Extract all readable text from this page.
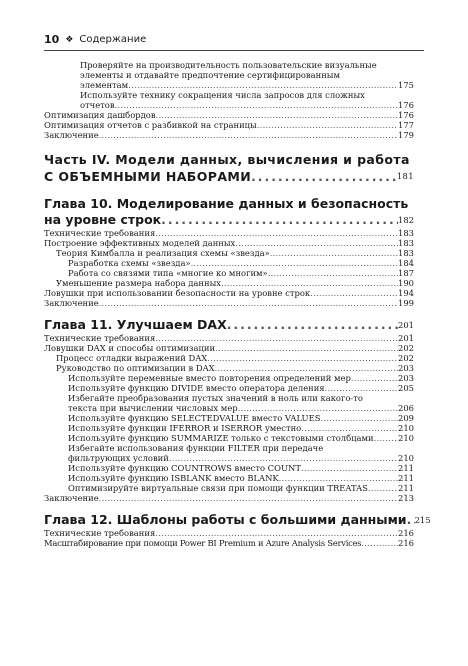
10 ❖ Содержание
Проверяйте на производительность пользовательские визуальные
элементы и отдавайте предпочтение сертифицированным
элементам . . .	175
Используйте технику сокращения числа запросов для сложных
отчетов . . .	176
Оптимизация дашбордов . . .	176
Оптимизация отчетов с разбивкой на страницы . . .	177
Заключение . . .	179
Часть IV. Модели данных, вычисления и работа
С ОБЪЕМНЫМИ НАБОРАМИ . . .	181
Глава 10. Моделирование данных и безопасность
на уровне строк . . .	182
Технические требования . . .	183
Построение эффективных моделей данных . . .	183
Теория Кимбалла и реализация схемы «звезда» . . .	183
Разработка схемы «звезда» . . .	184
Работа со связями типа «многие ко многим» . . .	187
Уменьшение размера набора данных . . .	190
Ловушки при использовании безопасности на уровне строк . . .	194
Заключение . . .	199
Глава 11. Улучшаем DAX . . .	201
Технические требования . . .	201
Ловушки DAX и способы оптимизации . . .	202
Процесс отладки выражений DAX . . .	202
Руководство по оптимизации в DAX . . .	203
Используйте переменные вместо повторения определений мер . . .	203
Используйте функцию DIVIDE вместо оператора деления . . .	205
Избегайте преобразования пустых значений в ноль или какого-то
текста при вычислении числовых мер . . .	206
Используйте функцию SELECTEDVALUE вместо VALUES . . .	209
Используйте функции IFERROR и ISERROR уместно . . .	210
Используйте функцию SUMMARIZE только с текстовыми столбцами . . .	210
Избегайте использования функции FILTER при передаче
фильтрующих условий . . .	210
Используйте функцию COUNTROWS вместо COUNT . . .	211
Используйте функцию ISBLANK вместо BLANK . . .	211
Оптимизируйте виртуальные связи при помощи функции TREATAS . . .	211
Заключение . . .	213
Глава 12. Шаблоны работы с большими данными . . . 215
Технические требования . . .	216
Масштабирование при помощи Power BI Premium и Azure Analysis Services . . .	216
